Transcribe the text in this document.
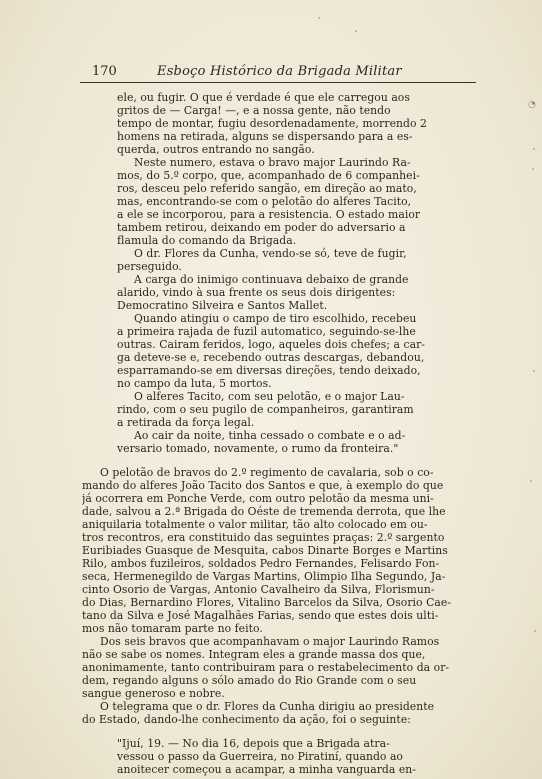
170	Esboço Histórico da Brigada Militar
ele, ou fugir. O que é verdade é que ele carregou aos
gritos de — Carga! —, e a nossa gente, não tendo
tempo de montar, fugiu desordenadamente, morrendo 2
homens na retirada, alguns se dispersando para a es-
querda, outros entrando no sangão.
Neste numero, estava o bravo major Laurindo Ra-
mos, do 5.º corpo, que, acompanhado de 6 companhei-
ros, desceu pelo referido sangão, em direção ao mato,
mas, encontrando-se com o pelotão do alferes Tacito,
a ele se incorporou, para a resistencia. O estado maior
tambem retirou, deixando em poder do adversario a
flamula do comando da Brigada.
O dr. Flores da Cunha, vendo-se só, teve de fugir,
perseguido.
A carga do inimigo continuava debaixo de grande
alarido, vindo à sua frente os seus dois dirigentes:
Democratino Silveira e Santos Mallet.
Quando atingiu o campo de tiro escolhido, recebeu
a primeira rajada de fuzil automatico, seguindo-se-lhe
outras. Cairam feridos, logo, aqueles dois chefes; a car-
ga deteve-se e, recebendo outras descargas, debandou,
esparramando-se em diversas direções, tendo deixado,
no campo da luta, 5 mortos.
O alferes Tacito, com seu pelotão, e o major Lau-
rindo, com o seu pugilo de companheiros, garantiram
a retirada da força legal.
Ao cair da noite, tinha cessado o combate e o ad-
versario tomado, novamente, o rumo da fronteira."
O pelotão de bravos do 2.º regimento de cavalaria, sob o co-
mando do alferes João Tacito dos Santos e que, à exemplo do que
já ocorrera em Ponche Verde, com outro pelotão da mesma uni-
dade, salvou a 2.ª Brigada do Oéste de tremenda derrota, que lhe
aniquilaria totalmente o valor militar, tão alto colocado em ou-
tros recontros, era constituido das seguintes praças: 2.º sargento
Euribiades Guasque de Mesquita, cabos Dinarte Borges e Martins
Rilo, ambos fuzileiros, soldados Pedro Fernandes, Felisardo Fon-
seca, Hermenegildo de Vargas Martins, Olimpio Ilha Segundo, Ja-
cinto Osorio de Vargas, Antonio Cavalheiro da Silva, Florismun-
do Dias, Bernardino Flores, Vitalino Barcelos da Silva, Osorio Cae-
tano da Silva e José Magalhães Farias, sendo que estes dois ulti-
mos não tomaram parte no feito.
Dos seis bravos que acompanhavam o major Laurindo Ramos
não se sabe os nomes. Integram eles a grande massa dos que,
anonimamente, tanto contribuiram para o restabelecimento da or-
dem, regando alguns o sólo amado do Rio Grande com o seu
sangue generoso e nobre.
O telegrama que o dr. Flores da Cunha dirigiu ao presidente
do Estado, dando-lhe conhecimento da ação, foi o seguinte:
"Ijuí, 19. — No dia 16, depois que a Brigada atra-
vessou o passo da Guerreira, no Piratiní, quando ao
anoitecer começou a acampar, a minha vanguarda en-
◔
